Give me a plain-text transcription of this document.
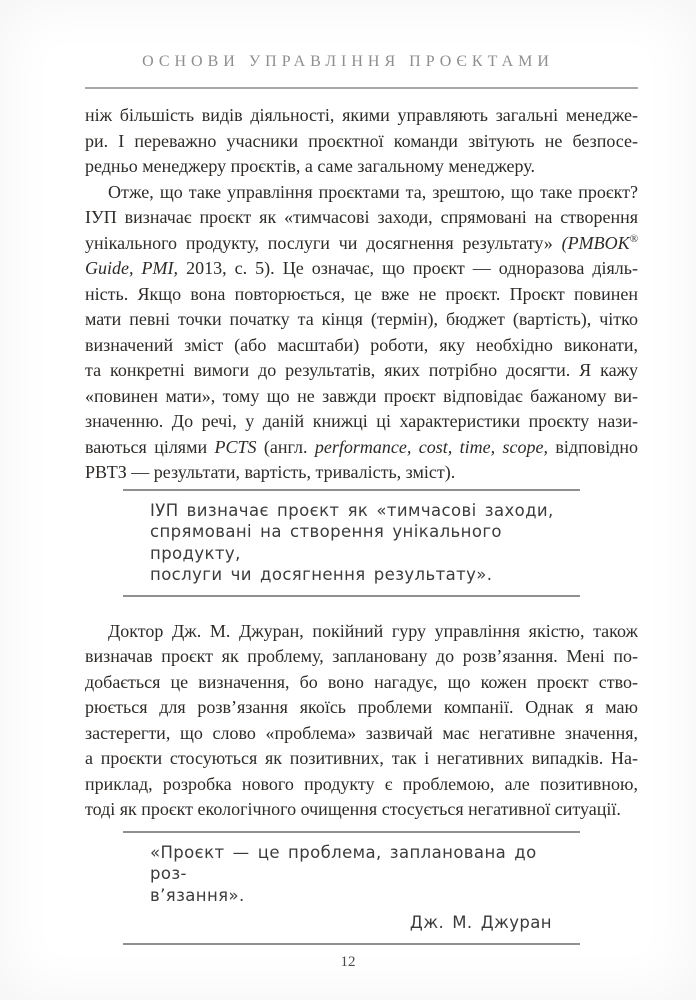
ОСНОВИ УПРАВЛІННЯ ПРОЄКТАМИ
ніж більшість видів діяльності, якими управляють загальні менедже-
ри. І переважно учасники проєктної команди звітують не безпосе-
редньо менеджеру проєктів, а саме загальному менеджеру.
Отже, що таке управління проєктами та, зрештою, що таке проєкт?
ІУП визначає проєкт як «тимчасові заходи, спрямовані на створення
унікального продукту, послуги чи досягнення результату» (PMBOK®
Guide, PMI, 2013, с. 5). Це означає, що проєкт — одноразова діяль-
ність. Якщо вона повторюється, це вже не проєкт. Проєкт повинен
мати певні точки початку та кінця (термін), бюджет (вартість), чітко
визначений зміст (або масштаби) роботи, яку необхідно виконати,
та конкретні вимоги до результатів, яких потрібно досягти. Я кажу
«повинен мати», тому що не завжди проєкт відповідає бажаному ви-
значенню. До речі, у даній книжці ці характеристики проєкту нази-
ваються цілями PCTS (англ. performance, cost, time, scope, відповідно
РВТЗ — результати, вартість, тривалість, зміст).
ІУП визначає проєкт як «тимчасові заходи,
спрямовані на створення унікального продукту,
послуги чи досягнення результату».
Доктор Дж. М. Джуран, покійний гуру управління якістю, також
визначав проєкт як проблему, заплановану до розв’язання. Мені по-
добається це визначення, бо воно нагадує, що кожен проєкт ство-
рюється для розв’язання якоїсь проблеми компанії. Однак я маю
застерегти, що слово «проблема» зазвичай має негативне значення,
а проєкти стосуються як позитивних, так і негативних випадків. На-
приклад, розробка нового продукту є проблемою, але позитивною,
тоді як проєкт екологічного очищення стосується негативної ситуації.
«Проєкт — це проблема, запланована до роз-
в’язання».
Дж. М. Джуран
12
